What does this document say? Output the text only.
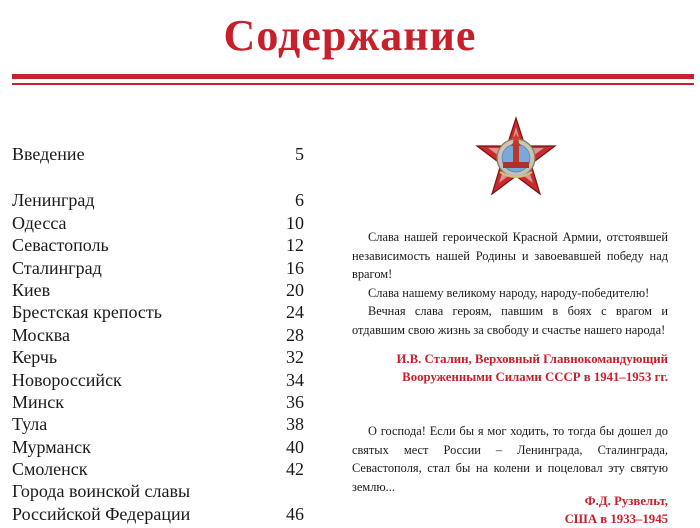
Содержание
Введение	5
Ленинград	6
Одесса	10
Севастополь	12
Сталинград	16
Киев	20
Брестская крепость	24
Москва	28
Керчь	32
Новороссийск	34
Минск	36
Тула	38
Мурманск	40
Смоленск	42
Города воинской славы
Российской Федерации	46

Слава нашей героической Красной Армии, отстоявшей независимость нашей Родины и завоевавшей победу над врагом!

Слава нашему великому народу, народу-победителю!

Вечная слава героям, павшим в боях с врагом и отдавшим свою жизнь за свободу и счастье нашего народа!

И.В. Сталин, Верховный Главнокомандующий
Вооруженными Силами СССР в 1941–1953 гг.

О господа! Если бы я мог ходить, то тогда бы дошел до святых мест России – Ленинграда, Сталинграда, Севастополя, стал бы на колени и поцеловал эту святую землю...

Ф.Д. Рузвельт,
США в 1933–1945
